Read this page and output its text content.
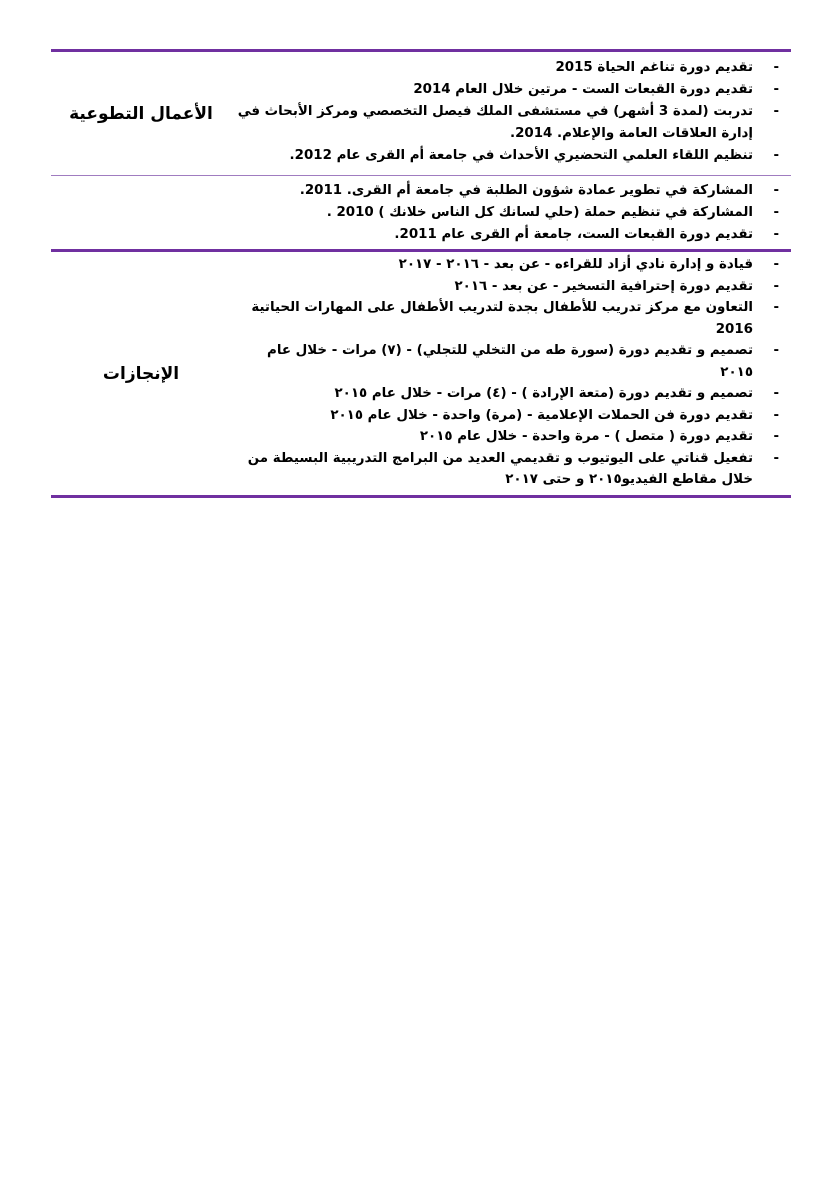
-
تقديم دورة تناغم الحياة 2015
-
تقديم دورة القبعات الست - مرتين خلال العام 2014
-
تدربت (لمدة 3 أشهر) في مستشفى الملك فيصل التخصصي ومركز الأبحاث في إدارة العلاقات العامة والإعلام. 2014.
-
تنظيم اللقاء العلمي التحضيري الأحداث في جامعة أم القرى عام 2012.
الأعمال التطوعية
-
المشاركة في تطوير عمادة شؤون الطلبة في جامعة أم القرى. 2011.
-
المشاركة في تنظيم حملة (حلي لسانك كل الناس خلانك ) 2010 .
-
تقديم دورة القبعات الست، جامعة أم القرى عام 2011.
-
قيادة و إدارة نادي أزاد للقراءه - عن بعد - ٢٠١٦ - ٢٠١٧
-
تقديم دورة إحترافية التسخير - عن بعد - ٢٠١٦
-
التعاون مع مركز تدريب للأطفال بجدة لتدريب الأطفال على المهارات الحياتية 2016
-
تصميم و تقديم دورة (سورة طه من التخلي للتجلي) - (٧) مرات - خلال عام ٢٠١٥
-
تصميم و تقديم دورة (متعة الإرادة ) - (٤) مرات - خلال عام ٢٠١٥
-
تقديم دورة فن الحملات الإعلامية - (مرة) واحدة - خلال عام ٢٠١٥
-
تقديم دورة ( متصل ) - مرة واحدة - خلال عام ٢٠١٥
-
تفعيل قناتي على اليوتيوب و تقديمي العديد من البرامج التدريبية البسيطة من خلال مقاطع الفيديو٢٠١٥ و حتى ٢٠١٧
الإنجازات
